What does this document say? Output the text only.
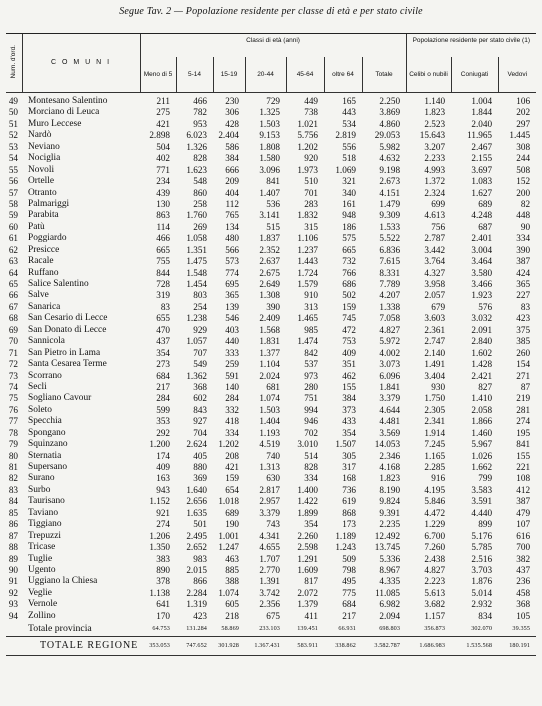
Segue Tav. 2 — Popolazione residente per classe di età e per stato civile
Num. d'ord.	C O M U N I	Classi di età (anni)							Popolazione residente per stato civile (1)		
		Meno di 5	5-14	15-19	20-44	45-64	oltre 64	Totale	Celibi o nubili	Coniugati	Vedovi
49	Montesano Salentino	211	466	230	729	449	165	2.250	1.140	1.004	106
50	Morciano di Leuca	275	782	306	1.325	738	443	3.869	1.823	1.844	202
51	Muro Leccese	421	953	428	1.503	1.021	534	4.860	2.523	2.040	297
52	Nardò	2.898	6.023	2.404	9.153	5.756	2.819	29.053	15.643	11.965	1.445
53	Neviano	504	1.326	586	1.808	1.202	556	5.982	3.207	2.467	308
54	Nociglia	402	828	384	1.580	920	518	4.632	2.233	2.155	244
55	Novoli	771	1.623	666	3.096	1.973	1.069	9.198	4.993	3.697	508
56	Ortelle	234	548	209	841	510	321	2.673	1.372	1.083	152
57	Otranto	439	860	404	1.407	701	340	4.151	2.324	1.627	200
58	Palmariggi	130	258	112	536	283	161	1.479	699	689	82
59	Parabita	863	1.760	765	3.141	1.832	948	9.309	4.613	4.248	448
60	Patù	114	269	134	515	315	186	1.533	756	687	90
61	Poggiardo	466	1.058	480	1.837	1.106	575	5.522	2.787	2.401	334
62	Presicce	665	1.351	566	2.352	1.237	665	6.836	3.442	3.004	390
63	Racale	755	1.475	573	2.637	1.443	732	7.615	3.764	3.464	387
64	Ruffano	844	1.548	774	2.675	1.724	766	8.331	4.327	3.580	424
65	Salice Salentino	728	1.454	695	2.649	1.579	686	7.789	3.958	3.466	365
66	Salve	319	803	365	1.308	910	502	4.207	2.057	1.923	227
67	Sanarica	83	254	139	390	313	159	1.338	679	576	83
68	San Cesario di Lecce	655	1.238	546	2.409	1.465	745	7.058	3.603	3.032	423
69	San Donato di Lecce	470	929	403	1.568	985	472	4.827	2.361	2.091	375
70	Sannicola	437	1.057	440	1.831	1.474	753	5.972	2.747	2.840	385
71	San Pietro in Lama	354	707	333	1.377	842	409	4.002	2.140	1.602	260
72	Santa Cesarea Terme	273	549	259	1.104	537	351	3.073	1.491	1.428	154
73	Scorrano	684	1.362	591	2.024	973	462	6.096	3.404	2.421	271
74	Secli	217	368	140	681	280	155	1.841	930	827	87
75	Sogliano Cavour	284	602	284	1.074	751	384	3.379	1.750	1.410	219
76	Soleto	599	843	332	1.503	994	373	4.644	2.305	2.058	281
77	Specchia	353	927	418	1.404	946	433	4.481	2.341	1.866	274
78	Spongano	292	704	334	1.193	702	354	3.569	1.914	1.460	195
79	Squinzano	1.200	2.624	1.202	4.519	3.010	1.507	14.053	7.245	5.967	841
80	Sternatia	174	405	208	740	514	305	2.346	1.165	1.026	155
81	Supersano	409	880	421	1.313	828	317	4.168	2.285	1.662	221
82	Surano	163	369	159	630	334	168	1.823	916	799	108
83	Surbo	943	1.640	654	2.817	1.400	736	8.190	4.195	3.583	412
84	Taurisano	1.152	2.656	1.018	2.957	1.422	619	9.824	5.846	3.591	387
85	Taviano	921	1.635	689	3.379	1.899	868	9.391	4.472	4.440	479
86	Tiggiano	274	501	190	743	354	173	2.235	1.229	899	107
87	Trepuzzi	1.206	2.495	1.001	4.341	2.260	1.189	12.492	6.700	5.176	616
88	Tricase	1.350	2.652	1.247	4.655	2.598	1.243	13.745	7.260	5.785	700
89	Tuglie	383	983	463	1.707	1.291	509	5.336	2.438	2.516	382
90	Ugento	890	2.015	885	2.770	1.609	798	8.967	4.827	3.703	437
91	Uggiano la Chiesa	378	866	388	1.391	817	495	4.335	2.223	1.876	236
92	Veglie	1.138	2.284	1.074	3.742	2.072	775	11.085	5.613	5.014	458
93	Vernole	641	1.319	605	2.356	1.379	684	6.982	3.682	2.932	368
94	Zollino	170	423	218	675	411	217	2.094	1.157	834	105
	Totale provincia	64.753	131.284	58.869	233.103	139.451	66.931	698.803	356.873	302.070	39.355
	TOTALE REGIONE	353.053	747.652	301.928	1.367.431	583.911	338.862	3.582.787	1.686.983	1.535.568	180.191
